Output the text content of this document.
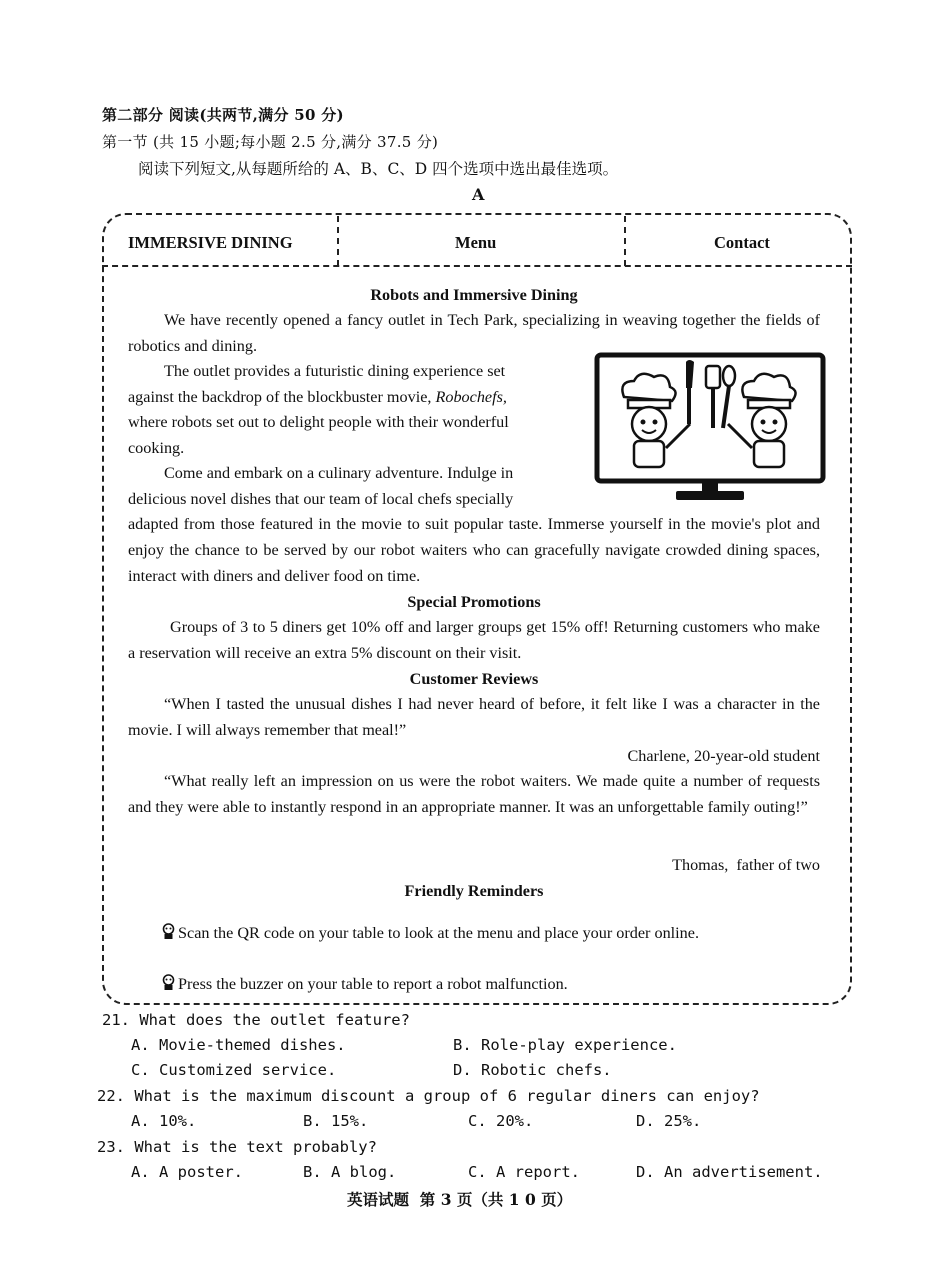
第二部分 阅读(共两节,满分 50 分)
第一节 (共 15 小题;每小题 2.5 分,满分 37.5 分)
阅读下列短文,从每题所给的 A、B、C、D 四个选项中选出最佳选项。
A
IMMERSIVE DINING	Menu	Contact
Robots and Immersive Dining
We have recently opened a fancy outlet in Tech Park, specializing in weaving together the fields of robotics and dining.

The outlet provides a futuristic dining experience set

against the backdrop of the blockbuster movie, Robochefs,

where robots set out to delight people with their wonderful

cooking.

Come and embark on a culinary adventure. Indulge in

delicious novel dishes that our team of local chefs specially

adapted from those featured in the movie to suit popular taste. Immerse yourself in the movie's plot and enjoy the chance to be served by our robot waiters who can gracefully navigate crowded dining spaces, interact with diners and deliver food on time.
Special Promotions
Groups of 3 to 5 diners get 10% off and larger groups get 15% off! Returning customers who make a reservation will receive an extra 5% discount on their visit.
Customer Reviews
“When I tasted the unusual dishes I had never heard of before, it felt like I was a character in the movie. I will always remember that meal!”
Charlene, 20-year-old student
“What really left an impression on us were the robot waiters. We made quite a number of requests and they were able to instantly respond in an appropriate manner. It was an unforgettable family outing!”
Thomas,  father of two
Friendly Reminders
Scan the QR code on your table to look at the menu and place your order online.
Press the buzzer on your table to report a robot malfunction.
21. What does the outlet feature?
A. Movie-themed dishes.	B. Role-play experience.
C. Customized service.	D. Robotic chefs.
22. What is the maximum discount a group of 6 regular diners can enjoy?
A. 10%.	B. 15%.	C. 20%.	D. 25%.
23. What is the text probably?
A. A poster.	B. A blog.	C. A report.	D. An advertisement.
英语试题  第 3 页（共 1 0 页）
